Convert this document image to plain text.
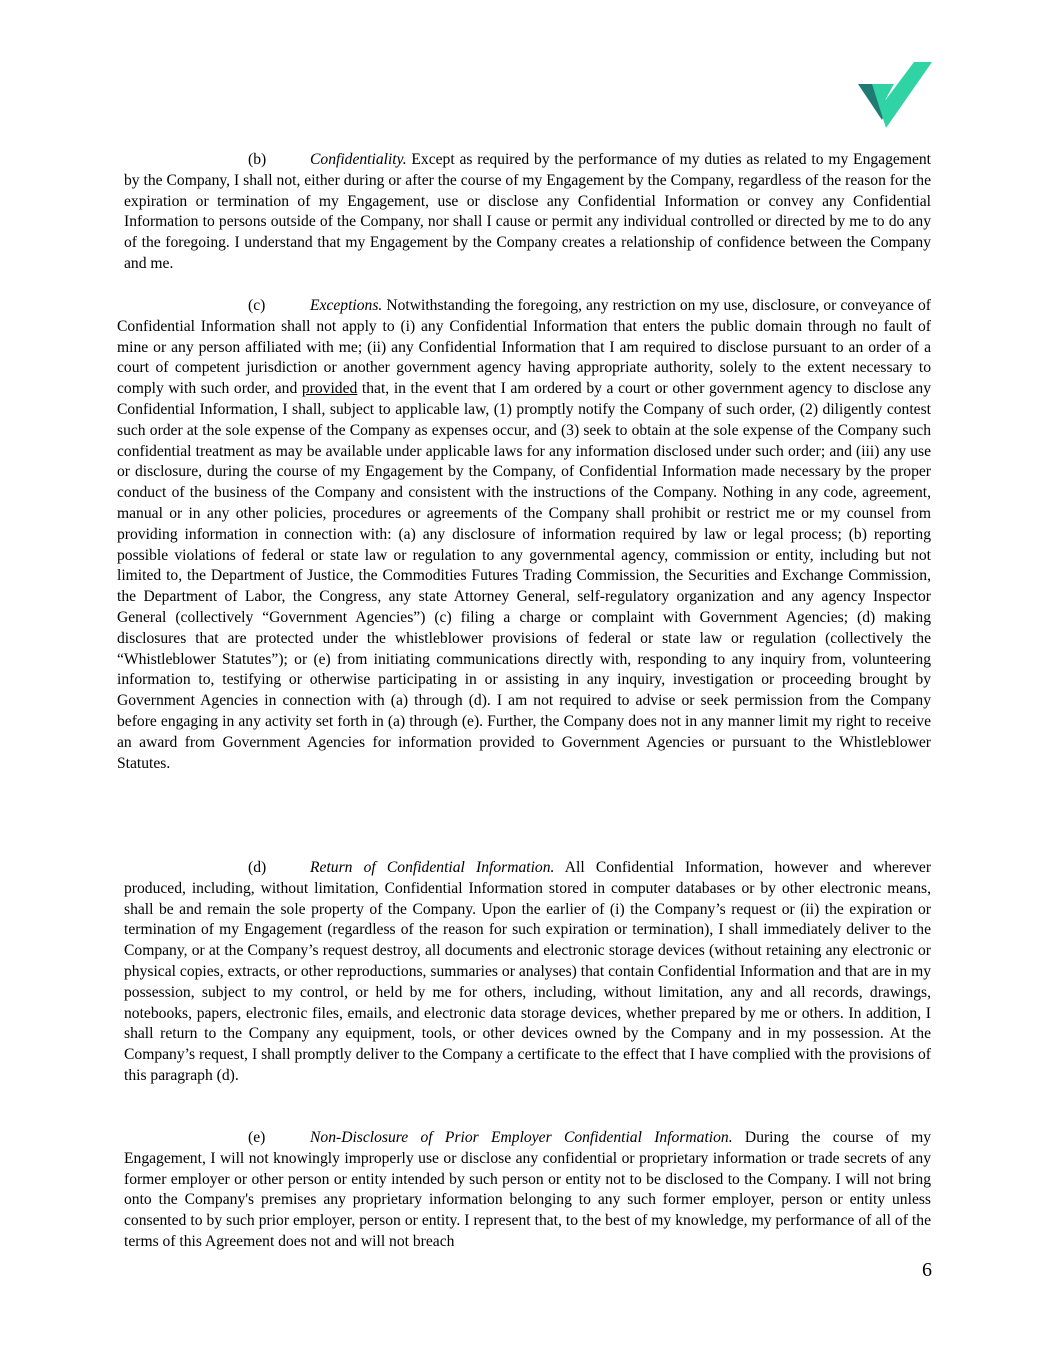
(b)	Confidentiality. Except as required by the performance of my duties as related to my Engagement by the Company, I shall not, either during or after the course of my Engagement by the Company, regardless of the reason for the expiration or termination of my Engagement, use or disclose any Confidential Information or convey any Confidential Information to persons outside of the Company, nor shall I cause or permit any individual controlled or directed by me to do any of the foregoing. I understand that my Engagement by the Company creates a relationship of confidence between the Company and me.

(c)	Exceptions. Notwithstanding the foregoing, any restriction on my use, disclosure, or conveyance of Confidential Information shall not apply to (i) any Confidential Information that enters the public domain through no fault of mine or any person affiliated with me; (ii) any Confidential Information that I am required to disclose pursuant to an order of a court of competent jurisdiction or another government agency having appropriate authority, solely to the extent necessary to comply with such order, and provided that, in the event that I am ordered by a court or other government agency to disclose any Confidential Information, I shall, subject to applicable law, (1) promptly notify the Company of such order, (2) diligently contest such order at the sole expense of the Company as expenses occur, and (3) seek to obtain at the sole expense of the Company such confidential treatment as may be available under applicable laws for any information disclosed under such order; and (iii) any use or disclosure, during the course of my Engagement by the Company, of Confidential Information made necessary by the proper conduct of the business of the Company and consistent with the instructions of the Company. Nothing in any code, agreement, manual or in any other policies, procedures or agreements of the Company shall prohibit or restrict me or my counsel from providing information in connection with: (a) any disclosure of information required by law or legal process; (b) reporting possible violations of federal or state law or regulation to any governmental agency, commission or entity, including but not limited to, the Department of Justice, the Commodities Futures Trading Commission, the Securities and Exchange Commission, the Department of Labor, the Congress, any state Attorney General, self-regulatory organization and any agency Inspector General (collectively “Government Agencies”) (c) filing a charge or complaint with Government Agencies; (d) making disclosures that are protected under the whistleblower provisions of federal or state law or regulation (collectively the “Whistleblower Statutes”); or (e) from initiating communications directly with, responding to any inquiry from, volunteering information to, testifying or otherwise participating in or assisting in any inquiry, investigation or proceeding brought by Government Agencies in connection with (a) through (d). I am not required to advise or seek permission from the Company before engaging in any activity set forth in (a) through (e). Further, the Company does not in any manner limit my right to receive an award from Government Agencies for information provided to Government Agencies or pursuant to the Whistleblower Statutes.

(d)	Return of Confidential Information. All Confidential Information, however and wherever produced, including, without limitation, Confidential Information stored in computer databases or by other electronic means, shall be and remain the sole property of the Company. Upon the earlier of (i) the Company’s request or (ii) the expiration or termination of my Engagement (regardless of the reason for such expiration or termination), I shall immediately deliver to the Company, or at the Company’s request destroy, all documents and electronic storage devices (without retaining any electronic or physical copies, extracts, or other reproductions, summaries or analyses) that contain Confidential Information and that are in my possession, subject to my control, or held by me for others, including, without limitation, any and all records, drawings, notebooks, papers, electronic files, emails, and electronic data storage devices, whether prepared by me or others. In addition, I shall return to the Company any equipment, tools, or other devices owned by the Company and in my possession. At the Company’s request, I shall promptly deliver to the Company a certificate to the effect that I have complied with the provisions of this paragraph (d).

(e)	Non-Disclosure of Prior Employer Confidential Information. During the course of my Engagement, I will not knowingly improperly use or disclose any confidential or proprietary information or trade secrets of any former employer or other person or entity intended by such person or entity not to be disclosed to the Company. I will not bring onto the Company's premises any proprietary information belonging to any such former employer, person or entity unless consented to by such prior employer, person or entity. I represent that, to the best of my knowledge, my performance of all of the terms of this Agreement does not and will not breach

6
